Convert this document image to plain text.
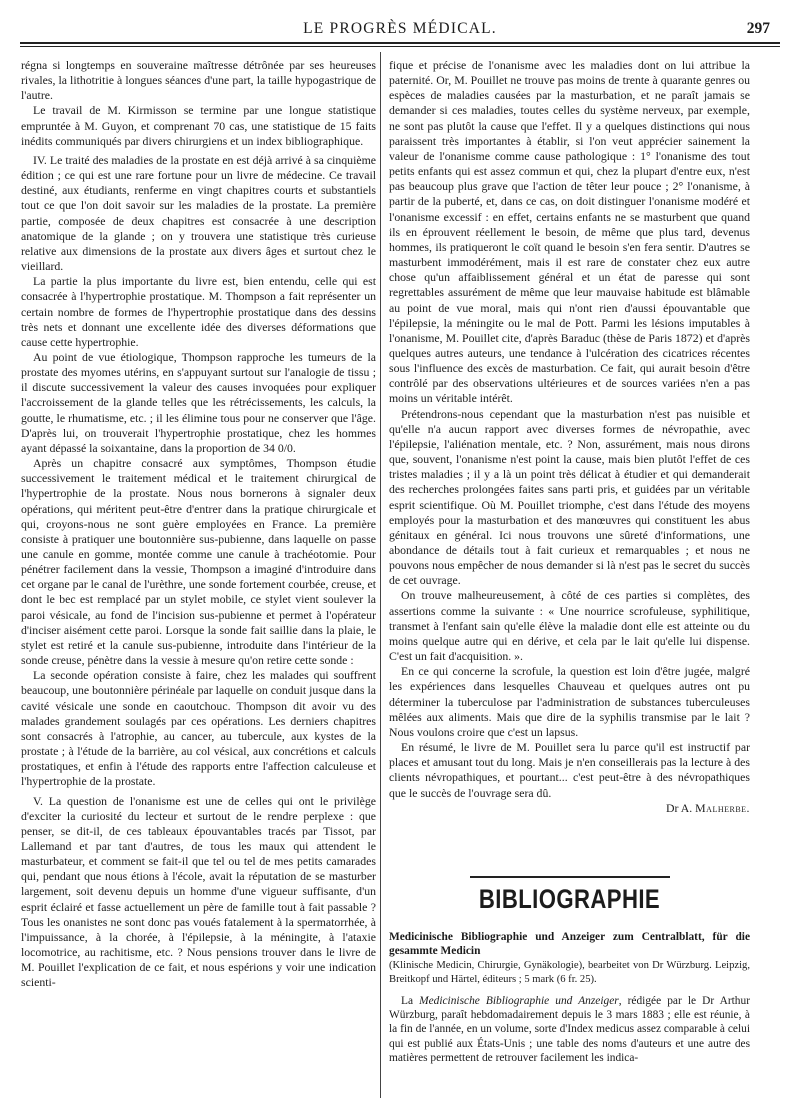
LE PROGRÈS MÉDICAL.	297

régna si longtemps en souveraine maîtresse détrônée par ses heureuses rivales, la lithotritie à longues séances d'une part, la taille hypogastrique de l'autre.

Le travail de M. Kirmisson se termine par une longue statistique empruntée à M. Guyon, et comprenant 70 cas, une statistique de 15 faits inédits communiqués par divers chirurgiens et un index bibliographique.

IV. Le traité des maladies de la prostate en est déjà arrivé à sa cinquième édition ; ce qui est une rare fortune pour un livre de médecine. Ce travail destiné, aux étudiants, renferme en vingt chapitres courts et substantiels tout ce que l'on doit savoir sur les maladies de la prostate. La première partie, composée de deux chapitres est consacrée à une description anatomique de la glande ; on y trouvera une statistique très curieuse relative aux dimensions de la prostate aux divers âges et surtout chez le vieillard.

La partie la plus importante du livre est, bien entendu, celle qui est consacrée à l'hypertrophie prostatique. M. Thompson a fait représenter un certain nombre de formes de l'hypertrophie prostatique dans des dessins très nets et donnant une excellente idée des diverses déformations que cause cette hypertrophie.

Au point de vue étiologique, Thompson rapproche les tumeurs de la prostate des myomes utérins, en s'appuyant surtout sur l'analogie de tissu ; il discute successivement la valeur des causes invoquées pour expliquer l'accroissement de la glande telles que les rétrécissements, les calculs, la goutte, le rhumatisme, etc. ; il les élimine tous pour ne conserver que l'âge. D'après lui, on trouverait l'hypertrophie prostatique, chez les hommes ayant dépassé la soixantaine, dans la proportion de 34 0/0.

Après un chapitre consacré aux symptômes, Thompson étudie successivement le traitement médical et le traitement chirurgical de l'hypertrophie de la prostate. Nous nous bornerons à signaler deux opérations, qui méritent peut-être d'entrer dans la pratique chirurgicale et qui, croyons-nous ne sont guère employées en France. La première consiste à pratiquer une boutonnière sus-pubienne, dans laquelle on passe une canule en gomme, montée comme une canule à trachéotomie. Pour pénétrer facilement dans la vessie, Thompson a imaginé d'introduire dans cet organe par le canal de l'urèthre, une sonde fortement courbée, creuse, et dont le bec est remplacé par un stylet mobile, ce stylet vient soulever la paroi vésicale, au fond de l'incision sus-pubienne et permet à l'opérateur d'inciser aisément cette paroi. Lorsque la sonde fait saillie dans la plaie, le stylet est retiré et la canule sus-pubienne, introduite dans l'intérieur de la sonde creuse, pénètre dans la vessie à mesure qu'on retire cette sonde :

La seconde opération consiste à faire, chez les malades qui souffrent beaucoup, une boutonnière périnéale par laquelle on conduit jusque dans la cavité vésicale une sonde en caoutchouc. Thompson dit avoir vu des malades grandement soulagés par ces opérations. Les derniers chapitres sont consacrés à l'atrophie, au cancer, au tubercule, aux kystes de la prostate ; à l'étude de la barrière, au col vésical, aux concrétions et calculs prostatiques, et enfin à l'étude des rapports entre l'affection calculeuse et l'hypertrophie de la prostate.

V. La question de l'onanisme est une de celles qui ont le privilège d'exciter la curiosité du lecteur et surtout de le rendre perplexe : que penser, se dit-il, de ces tableaux épouvantables tracés par Tissot, par Lallemand et par tant d'autres, de tous les maux qui attendent le masturbateur, et comment se fait-il que tel ou tel de mes petits camarades qui, pendant que nous étions à l'école, avait la réputation de se masturber largement, soit devenu depuis un homme d'une vigueur suffisante, d'un esprit éclairé et fasse actuellement un père de famille tout à fait passable ? Tous les onanistes ne sont donc pas voués fatalement à la spermatorrhée, à l'impuissance, à la chorée, à l'épilepsie, à la méningite, à l'ataxie locomotrice, au rachitisme, etc. ? Nous pensions trouver dans le livre de M. Pouillet l'explication de ce fait, et nous espérions y voir une indication scienti-

fique et précise de l'onanisme avec les maladies dont on lui attribue la paternité. Or, M. Pouillet ne trouve pas moins de trente à quarante genres ou espèces de maladies causées par la masturbation, et ne paraît jamais se demander si ces maladies, toutes celles du système nerveux, par exemple, ne sont pas plutôt la cause que l'effet. Il y a quelques distinctions qui nous paraissent très importantes à établir, si l'on veut apprécier sainement la valeur de l'onanisme comme cause pathologique : 1° l'onanisme des tout petits enfants qui est assez commun et qui, chez la plupart d'entre eux, n'est pas beaucoup plus grave que l'action de têter leur pouce ; 2° l'onanisme, à partir de la puberté, et, dans ce cas, on doit distinguer l'onanisme modéré et l'onanisme excessif : en effet, certains enfants ne se masturbent que quand ils en éprouvent réellement le besoin, de même que plus tard, devenus hommes, ils pratiqueront le coït quand le besoin s'en fera sentir. D'autres se masturbent immodérément, mais il est rare de constater chez eux autre chose qu'un affaiblissement général et un état de paresse qui sont regrettables assurément de même que leur mauvaise habitude est blâmable au point de vue moral, mais qui n'ont rien d'aussi épouvantable que l'épilepsie, la méningite ou le mal de Pott. Parmi les lésions imputables à l'onanisme, M. Pouillet cite, d'après Baraduc (thèse de Paris 1872) et d'après quelques autres auteurs, une tendance à l'ulcération des cicatrices récentes sous l'influence des excès de masturbation. Ce fait, qui aurait besoin d'être contrôlé par des observations ultérieures et de sources variées n'en a pas moins un véritable intérêt.

Prétendrons-nous cependant que la masturbation n'est pas nuisible et qu'elle n'a aucun rapport avec diverses formes de névropathie, avec l'épilepsie, l'aliénation mentale, etc. ? Non, assurément, mais nous dirons que, souvent, l'onanisme n'est point la cause, mais bien plutôt l'effet de ces tristes maladies ; il y a là un point très délicat à étudier et qui demanderait des recherches prolongées faites sans parti pris, et guidées par un véritable esprit scientifique. Où M. Pouillet triomphe, c'est dans l'étude des moyens employés pour la masturbation et des manœuvres qui constituent les abus génitaux en général. Ici nous trouvons une sûreté d'informations, une abondance de détails tout à fait curieux et remarquables ; et nous ne pouvons nous empêcher de nous demander si là n'est pas le secret du succès de cet ouvrage.

On trouve malheureusement, à côté de ces parties si complètes, des assertions comme la suivante : « Une nourrice scrofuleuse, syphilitique, transmet à l'enfant sain qu'elle élève la maladie dont elle est atteinte ou du moins quelque autre qui en dérive, et cela par le lait qu'elle lui dispense. C'est un fait d'acquisition. ».

En ce qui concerne la scrofule, la question est loin d'être jugée, malgré les expériences dans lesquelles Chauveau et quelques autres ont pu déterminer la tuberculose par l'administration de substances tuberculeuses mêlées aux aliments. Mais que dire de la syphilis transmise par le lait ? Nous voulons croire que c'est un lapsus.

En résumé, le livre de M. Pouillet sera lu parce qu'il est instructif par places et amusant tout du long. Mais je n'en conseillerais pas la lecture à des clients névropathiques, et pourtant... c'est peut-être à des névropathiques que le succès de l'ouvrage sera dû.

Dr A. Malherbe.

BIBLIOGRAPHIE

Medicinische Bibliographie und Anzeiger zum Centralblatt, für die gesammte Medicin

(Klinische Medicin, Chirurgie, Gynäkologie), bearbeitet von Dr Würzburg. Leipzig, Breitkopf und Härtel, éditeurs ; 5 mark (6 fr. 25).

La Medicinische Bibliographie und Anzeiger, rédigée par le Dr Arthur Würzburg, paraît hebdomadairement depuis le 3 mars 1883 ; elle est réunie, à la fin de l'année, en un volume, sorte d'Index medicus assez comparable à celui qui est publié aux États-Unis ; une table des noms d'auteurs et une autre des matières permettent de retrouver facilement les indica-
